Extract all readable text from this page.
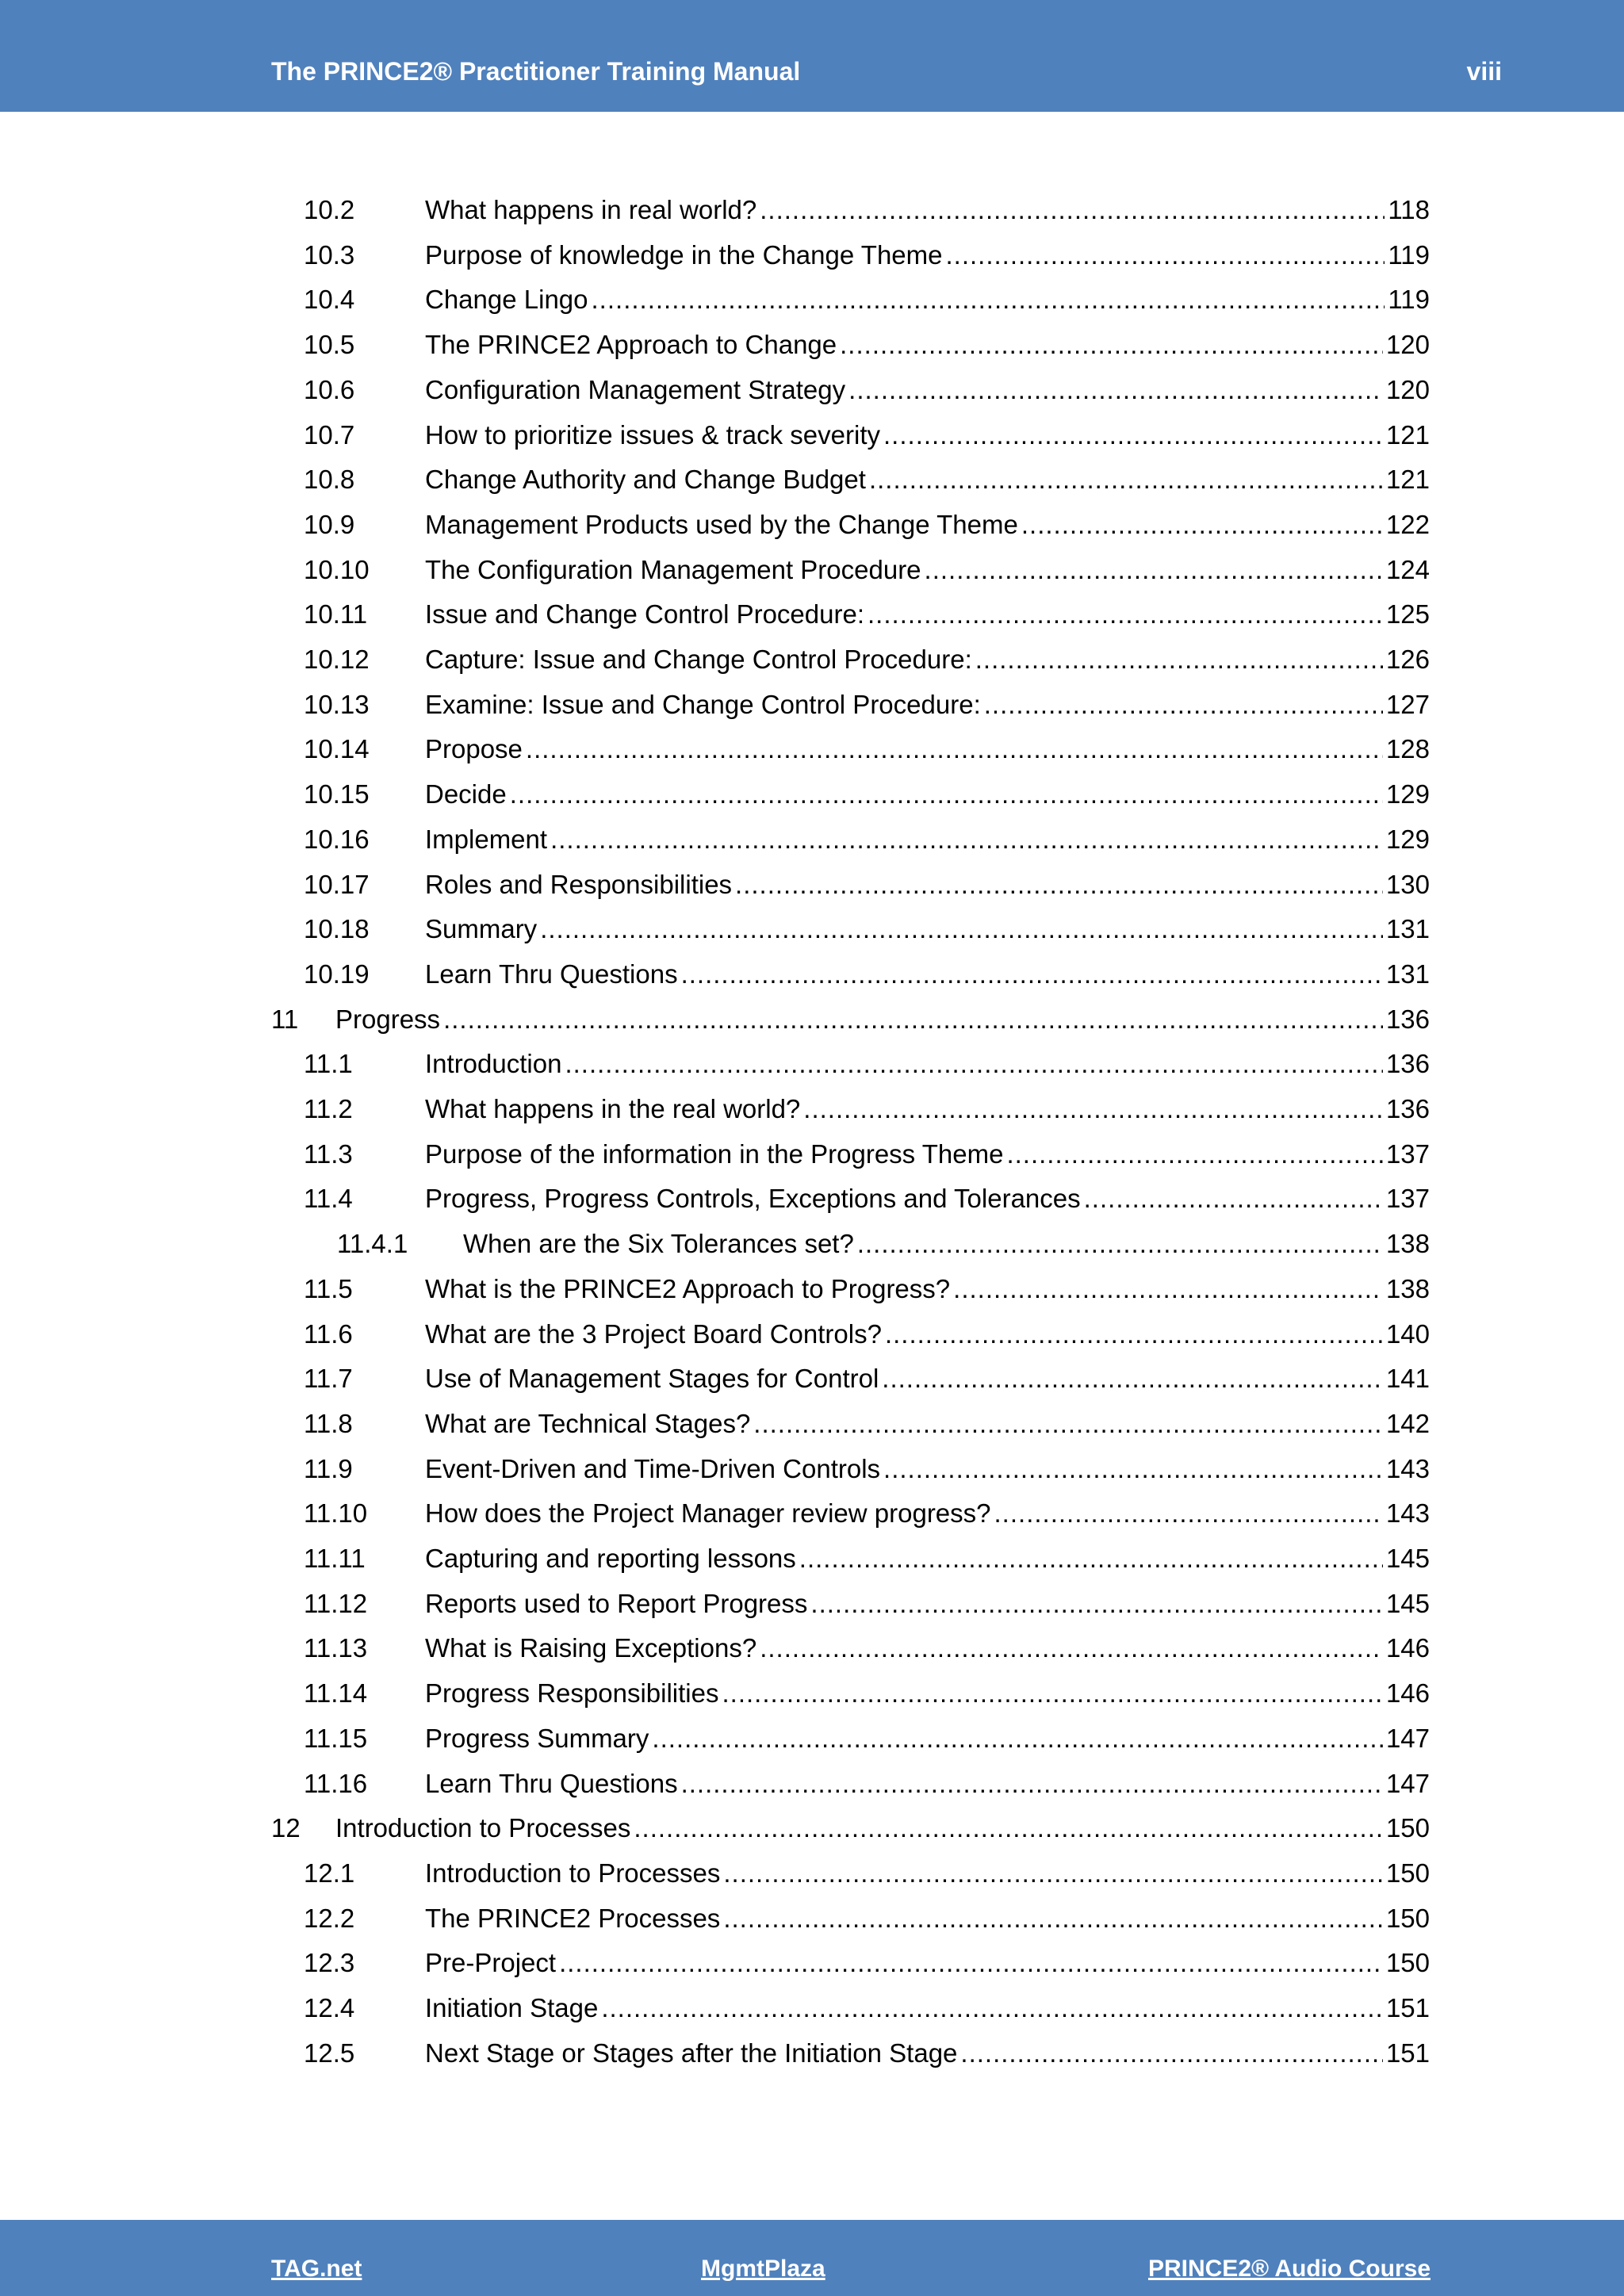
The PRINCE2® Practitioner Training Manual	viii
10.2	What happens in real world? .....	118
10.3	Purpose of knowledge in the Change Theme .....	119
10.4	Change Lingo .....	119
10.5	The PRINCE2 Approach to Change .....	120
10.6	Configuration Management Strategy .....	120
10.7	How to prioritize issues & track severity .....	121
10.8	Change Authority and Change Budget .....	121
10.9	Management Products used by the Change Theme .....	122
10.10 The Configuration Management Procedure .....	124
10.11 Issue and Change Control Procedure: .....	125
10.12 Capture: Issue and Change Control Procedure: .....	126
10.13 Examine: Issue and Change Control Procedure: .....	127
10.14 Propose .....	128
10.15 Decide .....	129
10.16 Implement .....	129
10.17 Roles and Responsibilities .....	130
10.18 Summary .....	131
10.19 Learn Thru Questions .....	131
11 Progress .....	136
11.1	Introduction .....	136
11.2	What happens in the real world? .....	136
11.3	Purpose of the information in the Progress Theme .....	137
11.4	Progress, Progress Controls, Exceptions and Tolerances .....	137
11.4.1 When are the Six Tolerances set? .....	138
11.5	What is the PRINCE2 Approach to Progress? .....	138
11.6	What are the 3 Project Board Controls? .....	140
11.7	Use of Management Stages for Control .....	141
11.8	What are Technical Stages? .....	142
11.9	Event-Driven and Time-Driven Controls .....	143
11.10 How does the Project Manager review progress? .....	143
11.11 Capturing and reporting lessons .....	145
11.12 Reports used to Report Progress .....	145
11.13 What is Raising Exceptions? .....	146
11.14 Progress Responsibilities .....	146
11.15 Progress Summary .....	147
11.16 Learn Thru Questions .....	147
12 Introduction to Processes .....	150
12.1	Introduction to Processes .....	150
12.2	The PRINCE2 Processes .....	150
12.3	Pre-Project .....	150
12.4	Initiation Stage .....	151
12.5	Next Stage or Stages after the Initiation Stage .....	151
TAG.net	MgmtPlaza	PRINCE2® Audio Course
